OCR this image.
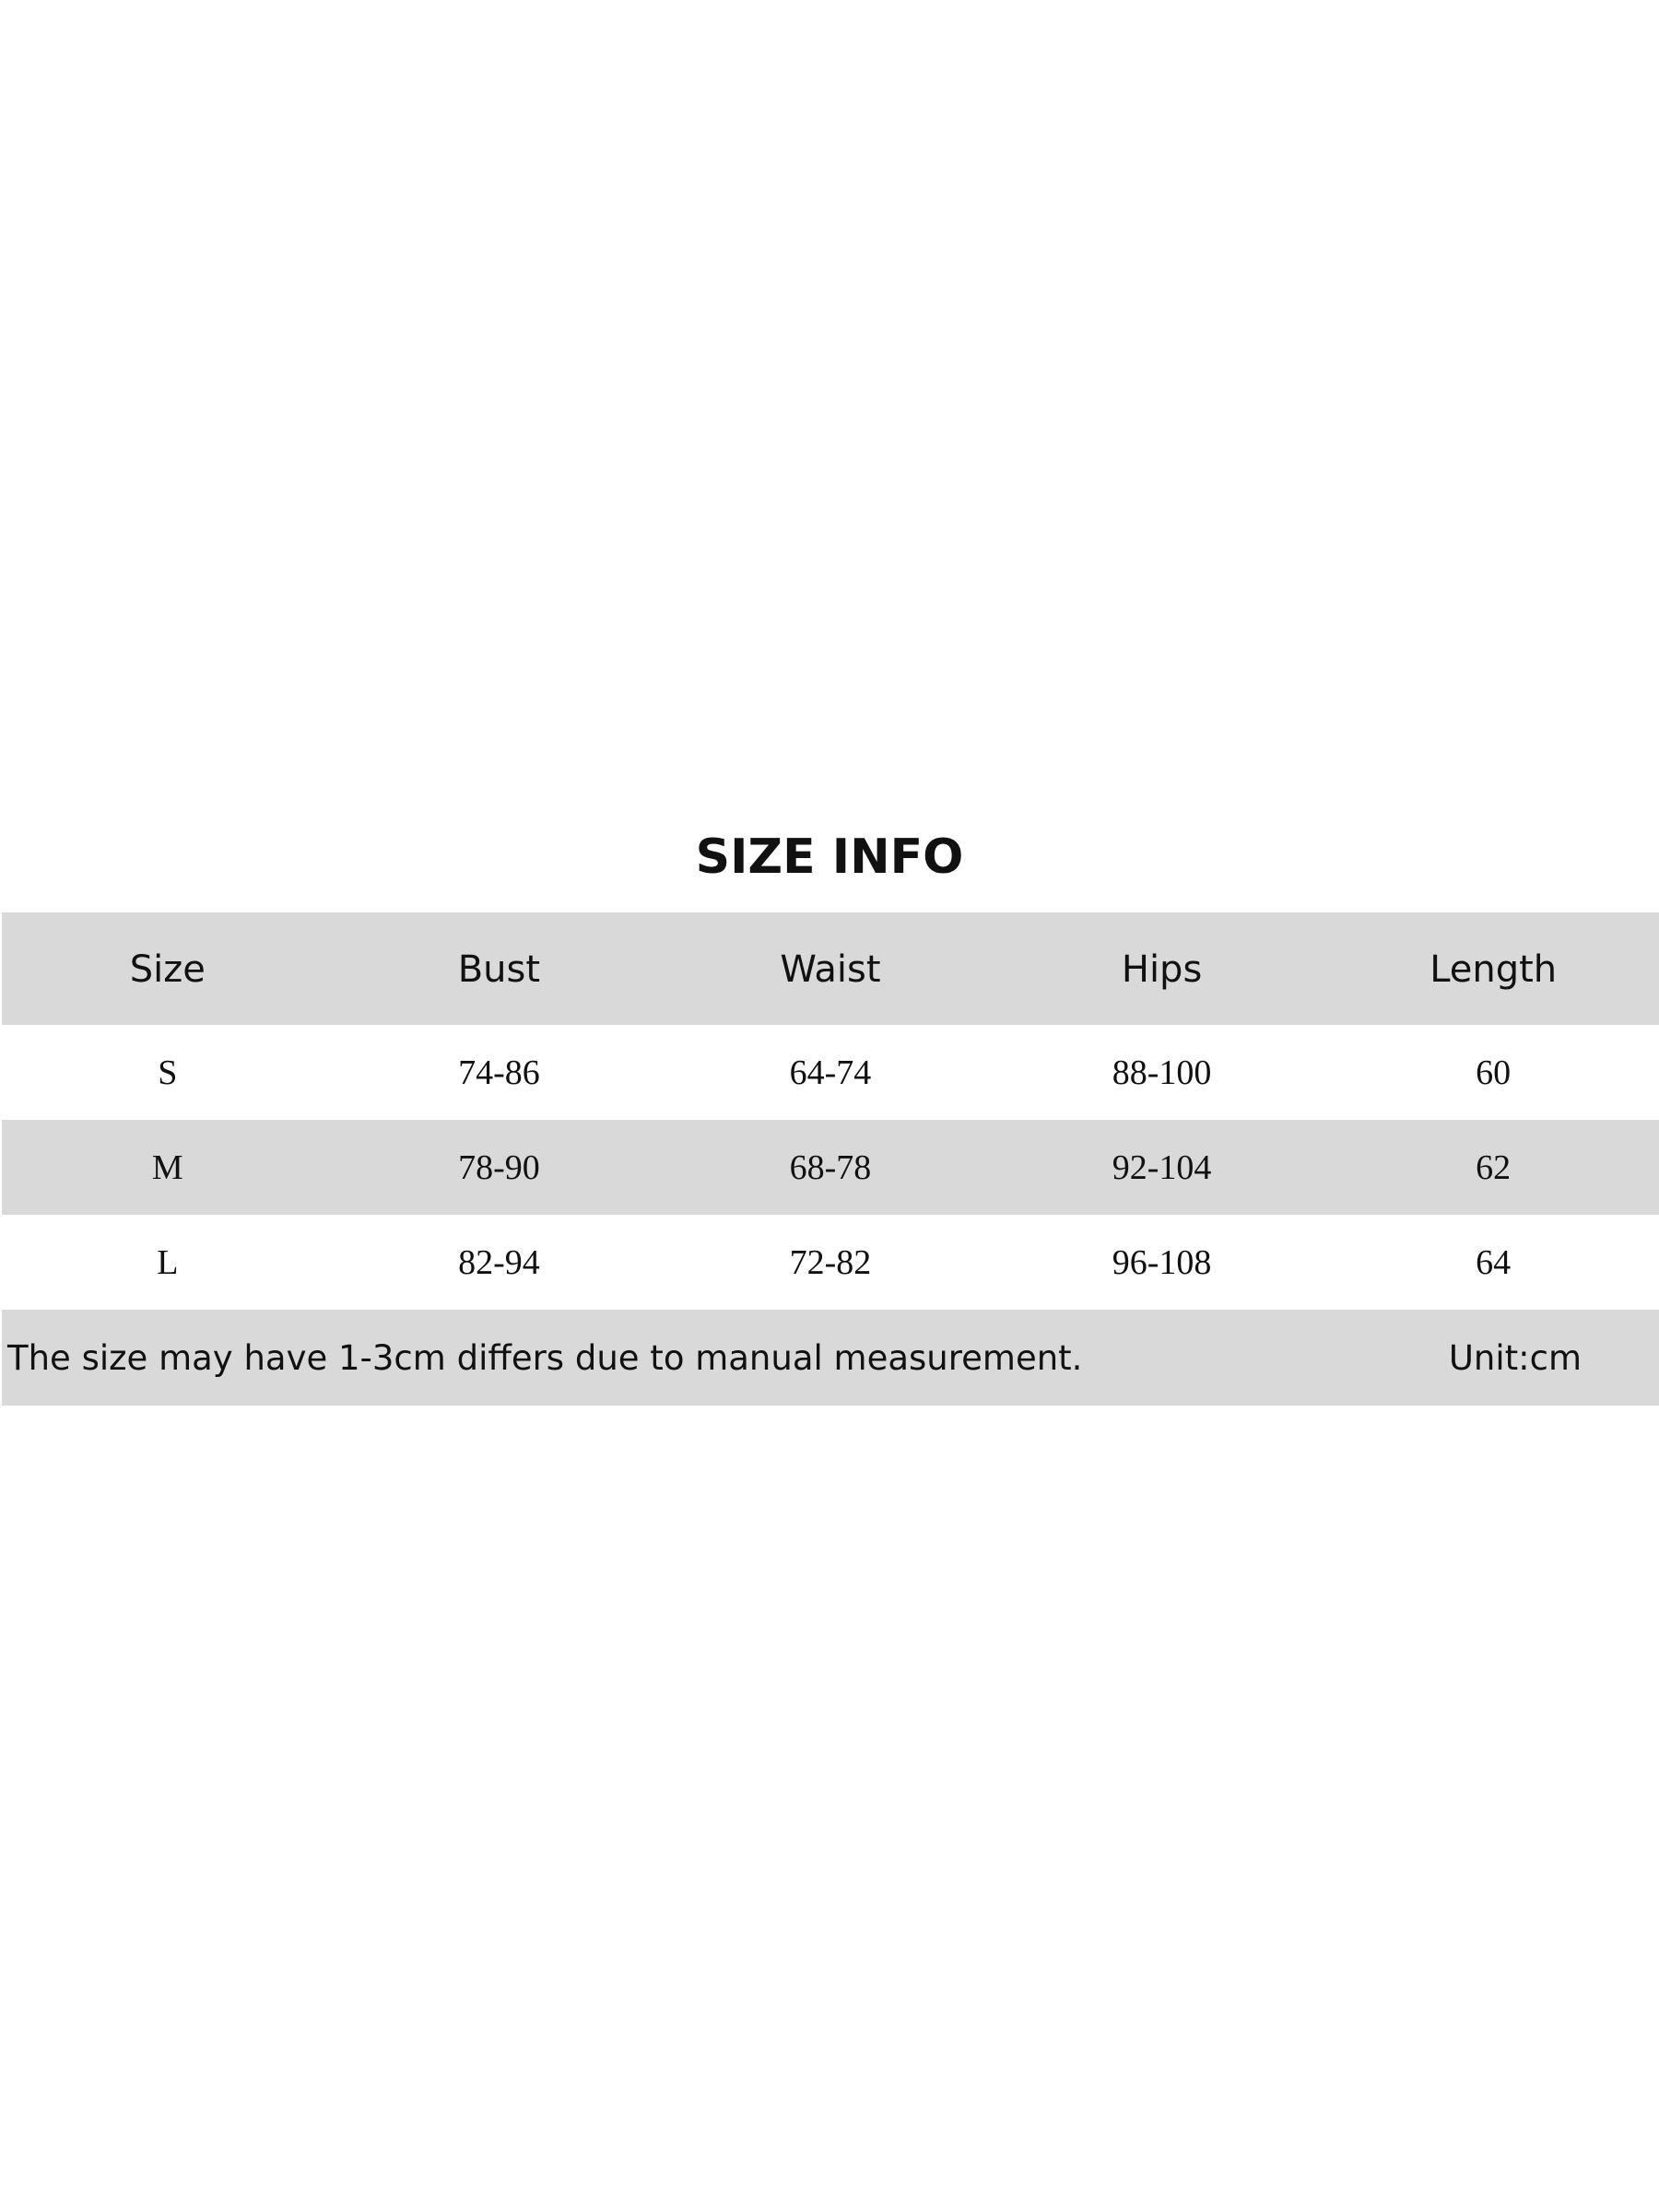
SIZE INFO
Size	Bust	Waist	Hips	Length
S	74-86	64-74	88-100	60
M	78-90	68-78	92-104	62
L	82-94	72-82	96-108	64
The size may have 1-3cm differs due to manual measurement.	Unit:cm
